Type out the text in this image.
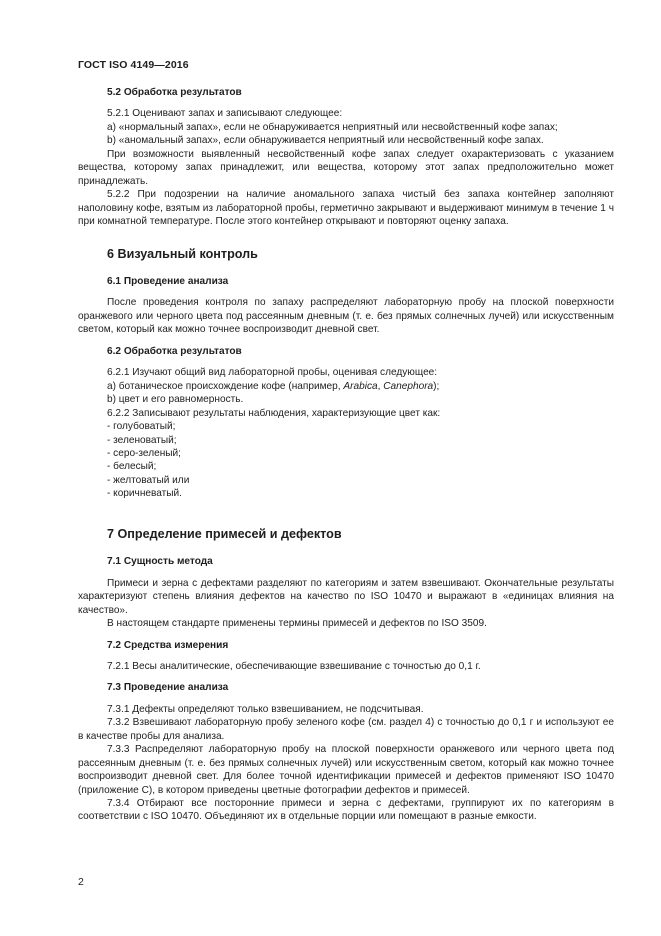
ГОСТ ISO 4149—2016

5.2 Обработка результатов

5.2.1 Оценивают запах и записывают следующее:

a) «нормальный запах», если не обнаруживается неприятный или несвойственный кофе запах;

b) «аномальный запах», если обнаруживается неприятный или несвойственный кофе запах.

При возможности выявленный несвойственный кофе запах следует охарактеризовать с указанием вещества, которому запах принадлежит, или вещества, которому этот запах предположительно может принадлежать.

5.2.2 При подозрении на наличие аномального запаха чистый без запаха контейнер заполняют наполовину кофе, взятым из лабораторной пробы, герметично закрывают и выдерживают минимум в течение 1 ч при комнатной температуре. После этого контейнер открывают и повторяют оценку запаха.

6 Визуальный контроль

6.1 Проведение анализа

После проведения контроля по запаху распределяют лабораторную пробу на плоской поверхности оранжевого или черного цвета под рассеянным дневным (т. е. без прямых солнечных лучей) или искусственным светом, который как можно точнее воспроизводит дневной свет.

6.2 Обработка результатов

6.2.1 Изучают общий вид лабораторной пробы, оценивая следующее:

a) ботаническое происхождение кофе (например, Arabica, Canephora);

b) цвет и его равномерность.

6.2.2 Записывают результаты наблюдения, характеризующие цвет как:

- голубоватый;

- зеленоватый;

- серо-зеленый;

- белесый;

- желтоватый или

- коричневатый.

7 Определение примесей и дефектов

7.1 Сущность метода

Примеси и зерна с дефектами разделяют по категориям и затем взвешивают. Окончательные результаты характеризуют степень влияния дефектов на качество по ISO 10470 и выражают в «единицах влияния на качество».

В настоящем стандарте применены термины примесей и дефектов по ISO 3509.

7.2 Средства измерения

7.2.1 Весы аналитические, обеспечивающие взвешивание с точностью до 0,1 г.

7.3 Проведение анализа

7.3.1 Дефекты определяют только взвешиванием, не подсчитывая.

7.3.2 Взвешивают лабораторную пробу зеленого кофе (см. раздел 4) с точностью до 0,1 г и используют ее в качестве пробы для анализа.

7.3.3 Распределяют лабораторную пробу на плоской поверхности оранжевого или черного цвета под рассеянным дневным (т. е. без прямых солнечных лучей) или искусственным светом, который как можно точнее воспроизводит дневной свет. Для более точной идентификации примесей и дефектов применяют ISO 10470 (приложение С), в котором приведены цветные фотографии дефектов и примесей.

7.3.4 Отбирают все посторонние примеси и зерна с дефектами, группируют их по категориям в соответствии с ISO 10470. Объединяют их в отдельные порции или помещают в разные емкости.

2
